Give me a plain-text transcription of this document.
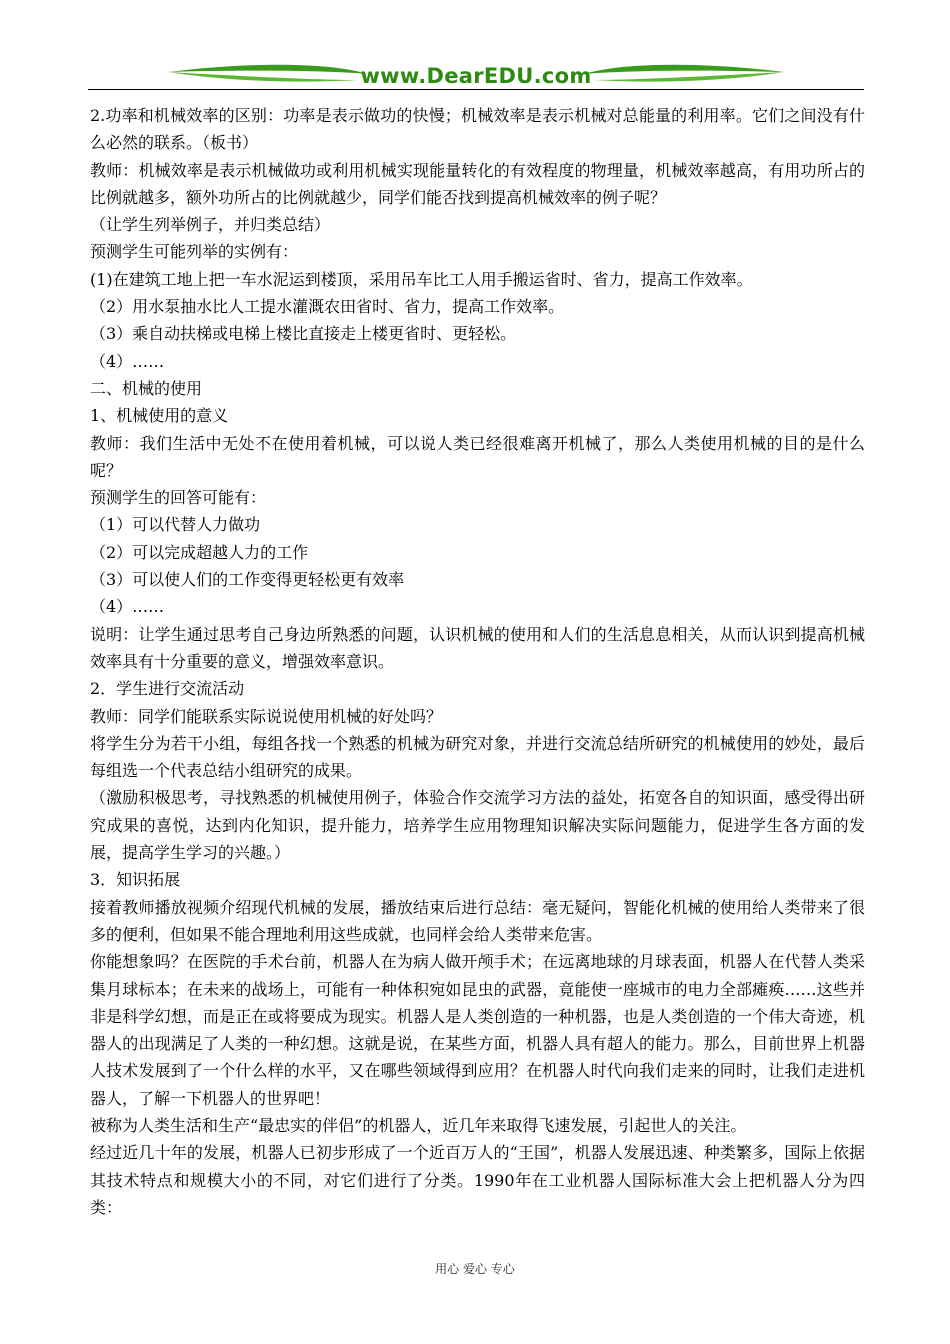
www.DearEDU.com

2.功率和机械效率的区别：功率是表示做功的快慢；机械效率是表示机械对总能量的利用率。它们之间没有什么必然的联系。（板书）

教师：机械效率是表示机械做功或利用机械实现能量转化的有效程度的物理量，机械效率越高，有用功所占的比例就越多，额外功所占的比例就越少，同学们能否找到提高机械效率的例子呢？

（让学生列举例子，并归类总结）

预测学生可能列举的实例有：

(1)在建筑工地上把一车水泥运到楼顶，采用吊车比工人用手搬运省时、省力，提高工作效率。

（2）用水泵抽水比人工提水灌溉农田省时、省力，提高工作效率。

（3）乘自动扶梯或电梯上楼比直接走上楼更省时、更轻松。

（4）……

二、机械的使用

1、机械使用的意义

教师：我们生活中无处不在使用着机械，可以说人类已经很难离开机械了，那么人类使用机械的目的是什么呢？

预测学生的回答可能有：

（1）可以代替人力做功

（2）可以完成超越人力的工作

（3）可以使人们的工作变得更轻松更有效率

（4）……

说明：让学生通过思考自己身边所熟悉的问题，认识机械的使用和人们的生活息息相关，从而认识到提高机械效率具有十分重要的意义，增强效率意识。

2．学生进行交流活动

教师：同学们能联系实际说说使用机械的好处吗？

将学生分为若干小组，每组各找一个熟悉的机械为研究对象，并进行交流总结所研究的机械使用的妙处，最后每组选一个代表总结小组研究的成果。

（激励积极思考，寻找熟悉的机械使用例子，体验合作交流学习方法的益处，拓宽各自的知识面，感受得出研究成果的喜悦，达到内化知识，提升能力，培养学生应用物理知识解决实际问题能力，促进学生各方面的发展，提高学生学习的兴趣。）

3．知识拓展

接着教师播放视频介绍现代机械的发展，播放结束后进行总结：毫无疑问，智能化机械的使用给人类带来了很多的便利，但如果不能合理地利用这些成就，也同样会给人类带来危害。

你能想象吗？在医院的手术台前，机器人在为病人做开颅手术；在远离地球的月球表面，机器人在代替人类采集月球标本；在未来的战场上，可能有一种体积宛如昆虫的武器，竟能使一座城市的电力全部瘫痪……这些并非是科学幻想，而是正在或将要成为现实。机器人是人类创造的一种机器，也是人类创造的一个伟大奇迹，机器人的出现满足了人类的一种幻想。这就是说，在某些方面，机器人具有超人的能力。那么，目前世界上机器人技术发展到了一个什么样的水平，又在哪些领域得到应用？在机器人时代向我们走来的同时，让我们走进机器人，了解一下机器人的世界吧！

被称为人类生活和生产“最忠实的伴侣”的机器人，近几年来取得飞速发展，引起世人的关注。

经过近几十年的发展，机器人已初步形成了一个近百万人的“王国”，机器人发展迅速、种类繁多，国际上依据其技术特点和规模大小的不同，对它们进行了分类。1990年在工业机器人国际标准大会上把机器人分为四类：

用心 爱心 专心
